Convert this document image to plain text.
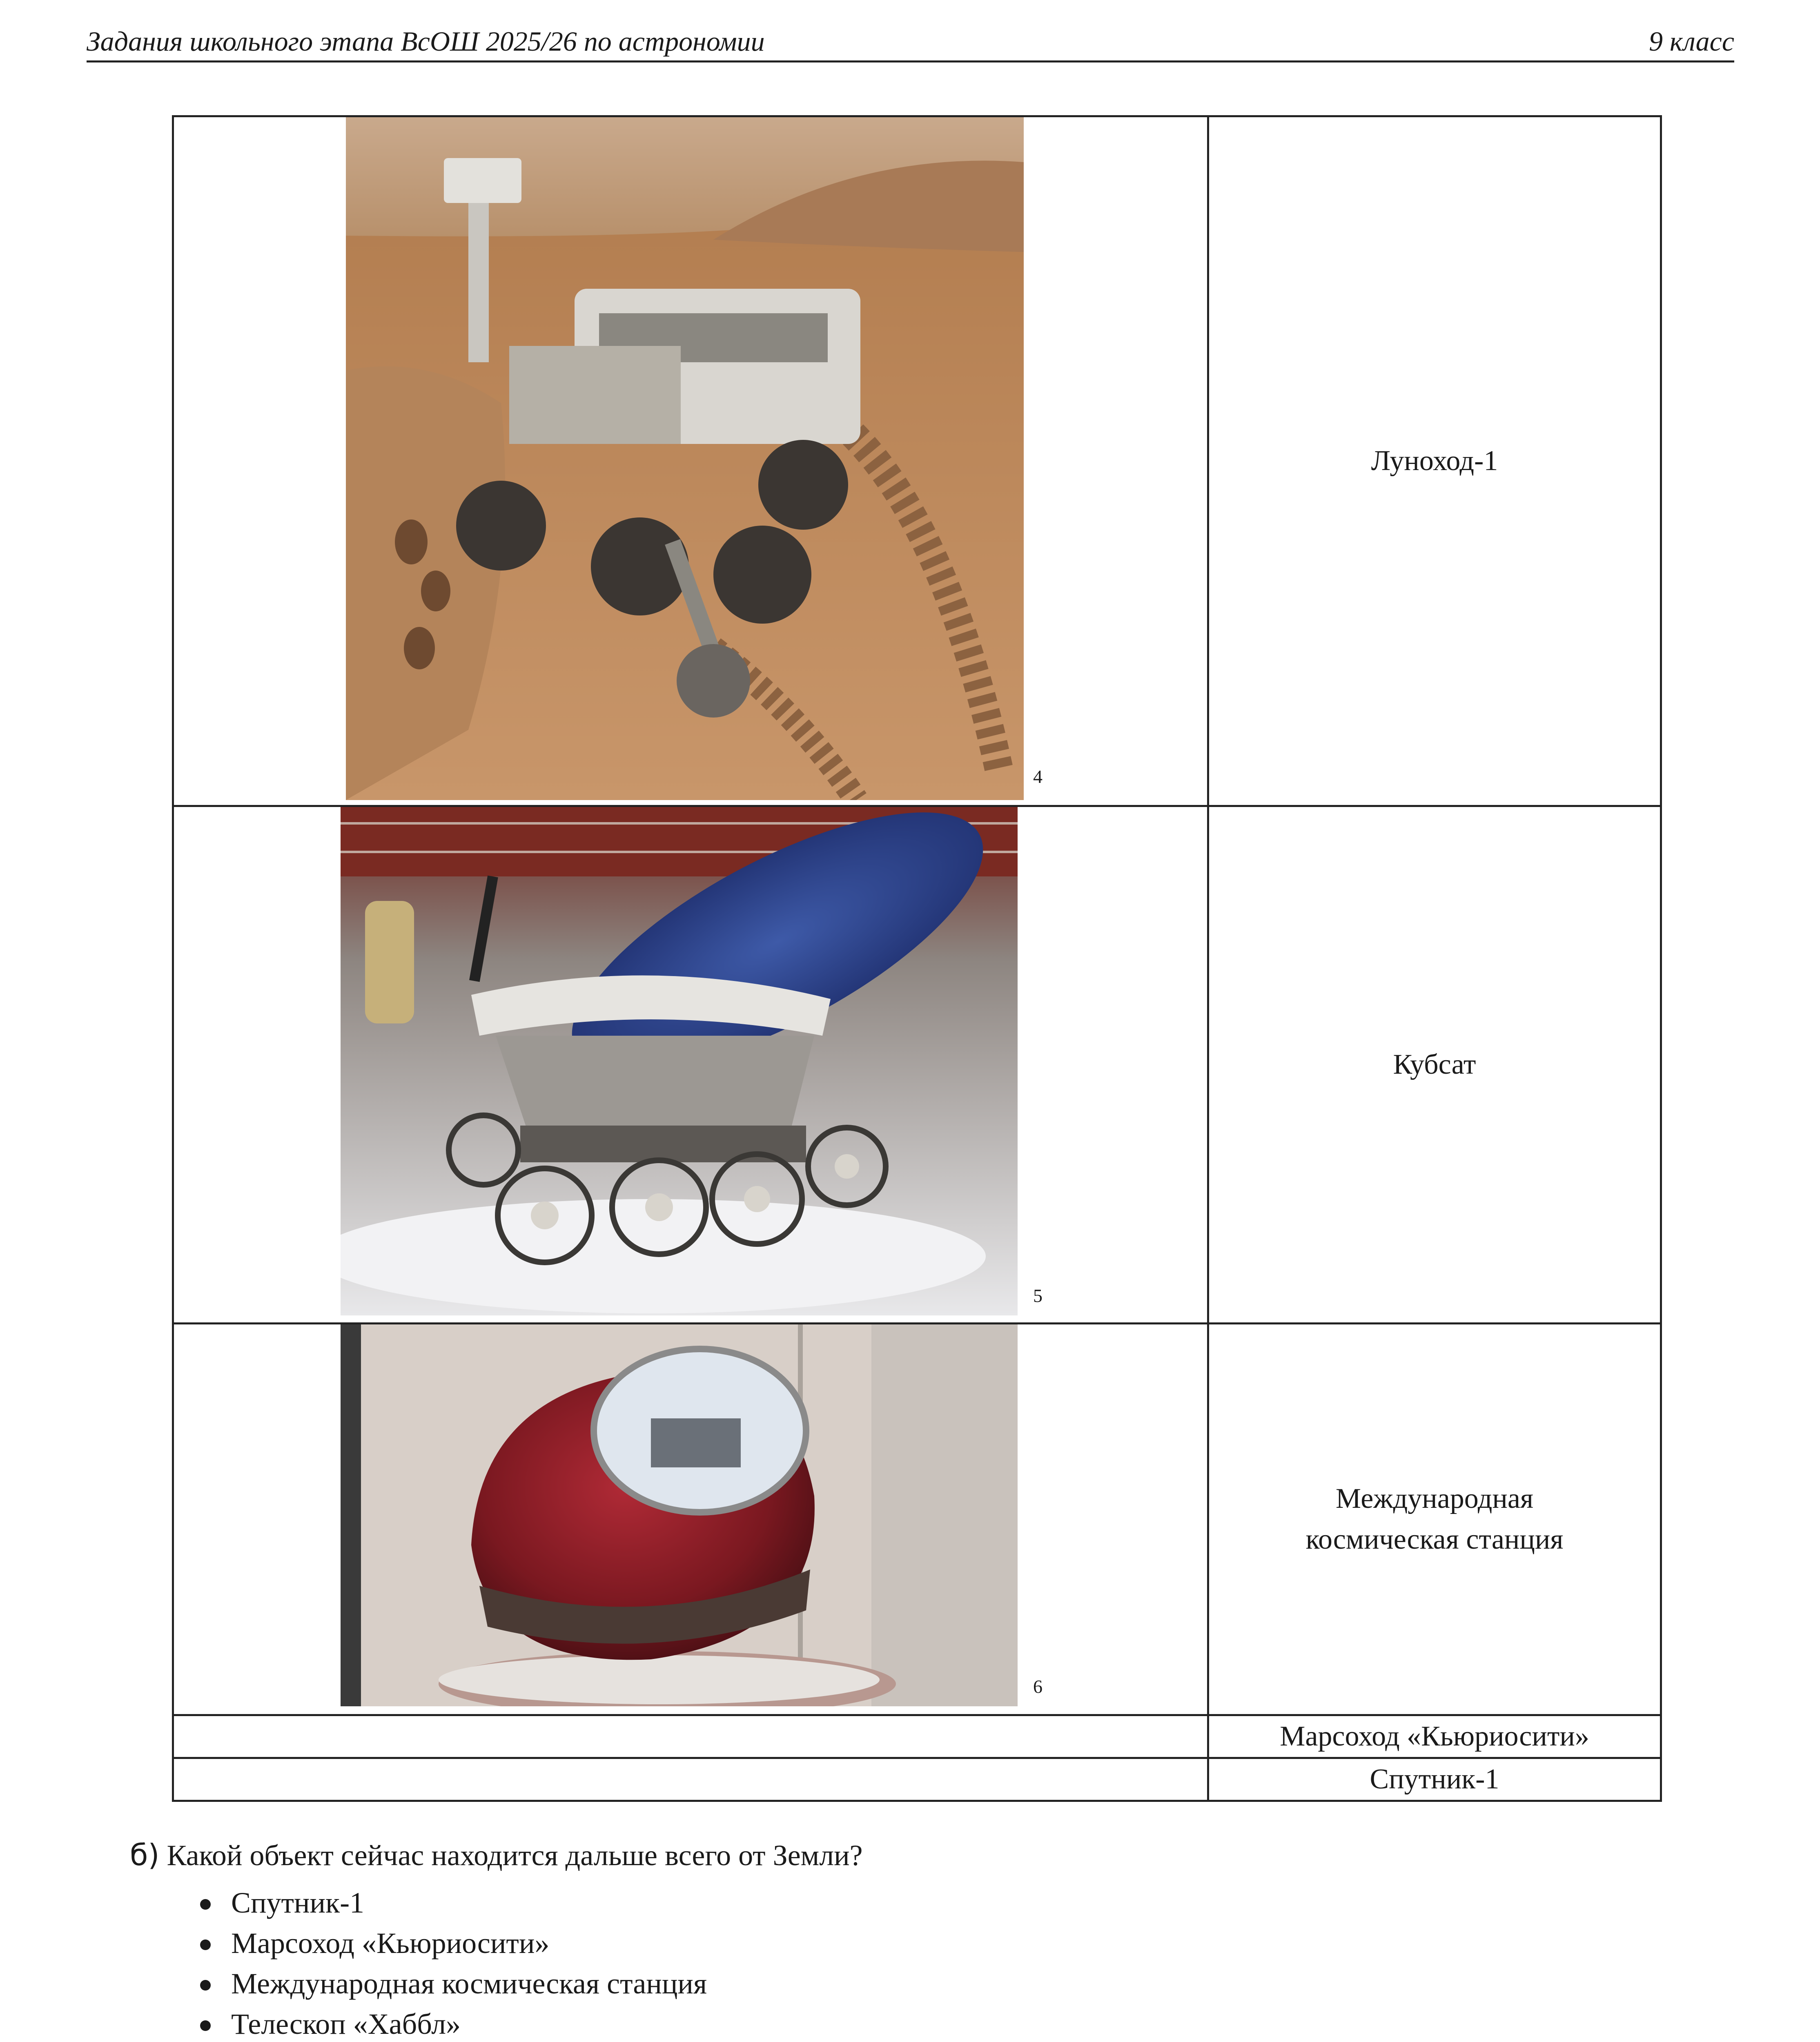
Задания школьного этапа ВсОШ 2025/26 по астрономии	9 класс
4	Луноход-1

5	Кубсат

6	Международная космическая станция

	Марсоход «Кьюриосити»
	Спутник-1
б) Какой объект сейчас находится дальше всего от Земли?
Спутник-1
Марсоход «Кьюриосити»
Международная космическая станция
Телескоп «Хаббл»
